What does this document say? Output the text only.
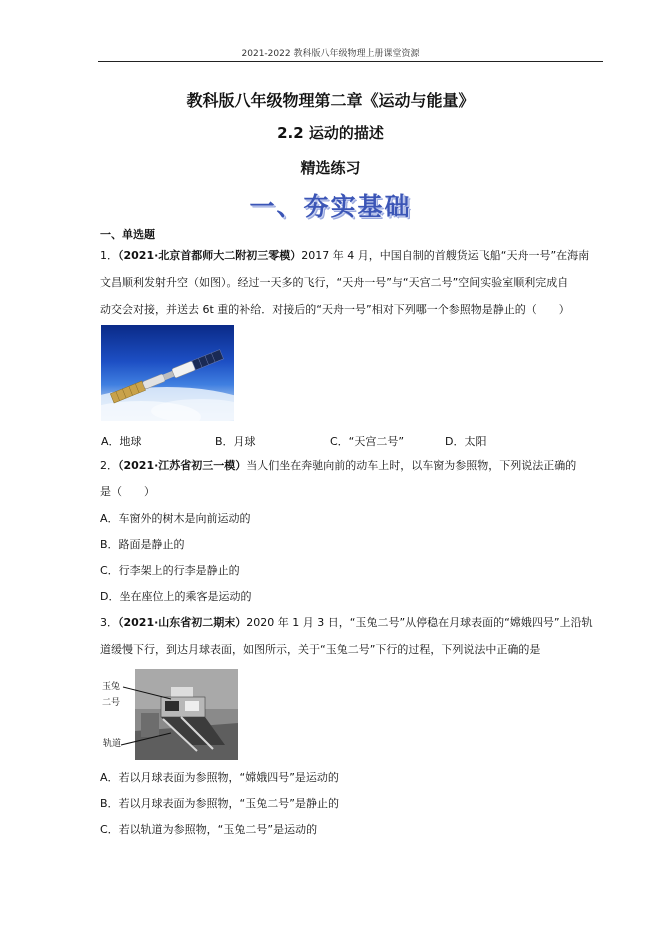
2021-2022 教科版八年级物理上册课堂资源
教科版八年级物理第二章《运动与能量》
2.2 运动的描述
精选练习
一、夯实基础
一、单选题
1．（2021·北京首都师大二附初三零模）2017 年 4 月，中国自制的首艘货运飞船“天舟一号”在海南
文昌顺利发射升空（如图）。经过一天多的飞行，“天舟一号”与“天宫二号”空间实验室顺利完成自
动交会对接，并送去 6t 重的补给．对接后的“天舟一号”相对下列哪一个参照物是静止的（　　）
A．地球	B．月球	C．“天宫二号”	D．太阳
2．（2021·江苏省初三一模）当人们坐在奔驰向前的动车上时，以车窗为参照物，下列说法正确的
是（　　）
A．车窗外的树木是向前运动的
B．路面是静止的
C．行李架上的行李是静止的
D．坐在座位上的乘客是运动的
3．（2021·山东省初二期末）2020 年 1 月 3 日，“玉兔二号”从停稳在月球表面的“嫦娥四号”上沿轨
道缓慢下行，到达月球表面，如图所示，关于“玉兔二号”下行的过程，下列说法中正确的是
玉兔
二号
轨道
A．若以月球表面为参照物，“嫦娥四号”是运动的
B．若以月球表面为参照物，“玉兔二号”是静止的
C．若以轨道为参照物，“玉兔二号”是运动的
